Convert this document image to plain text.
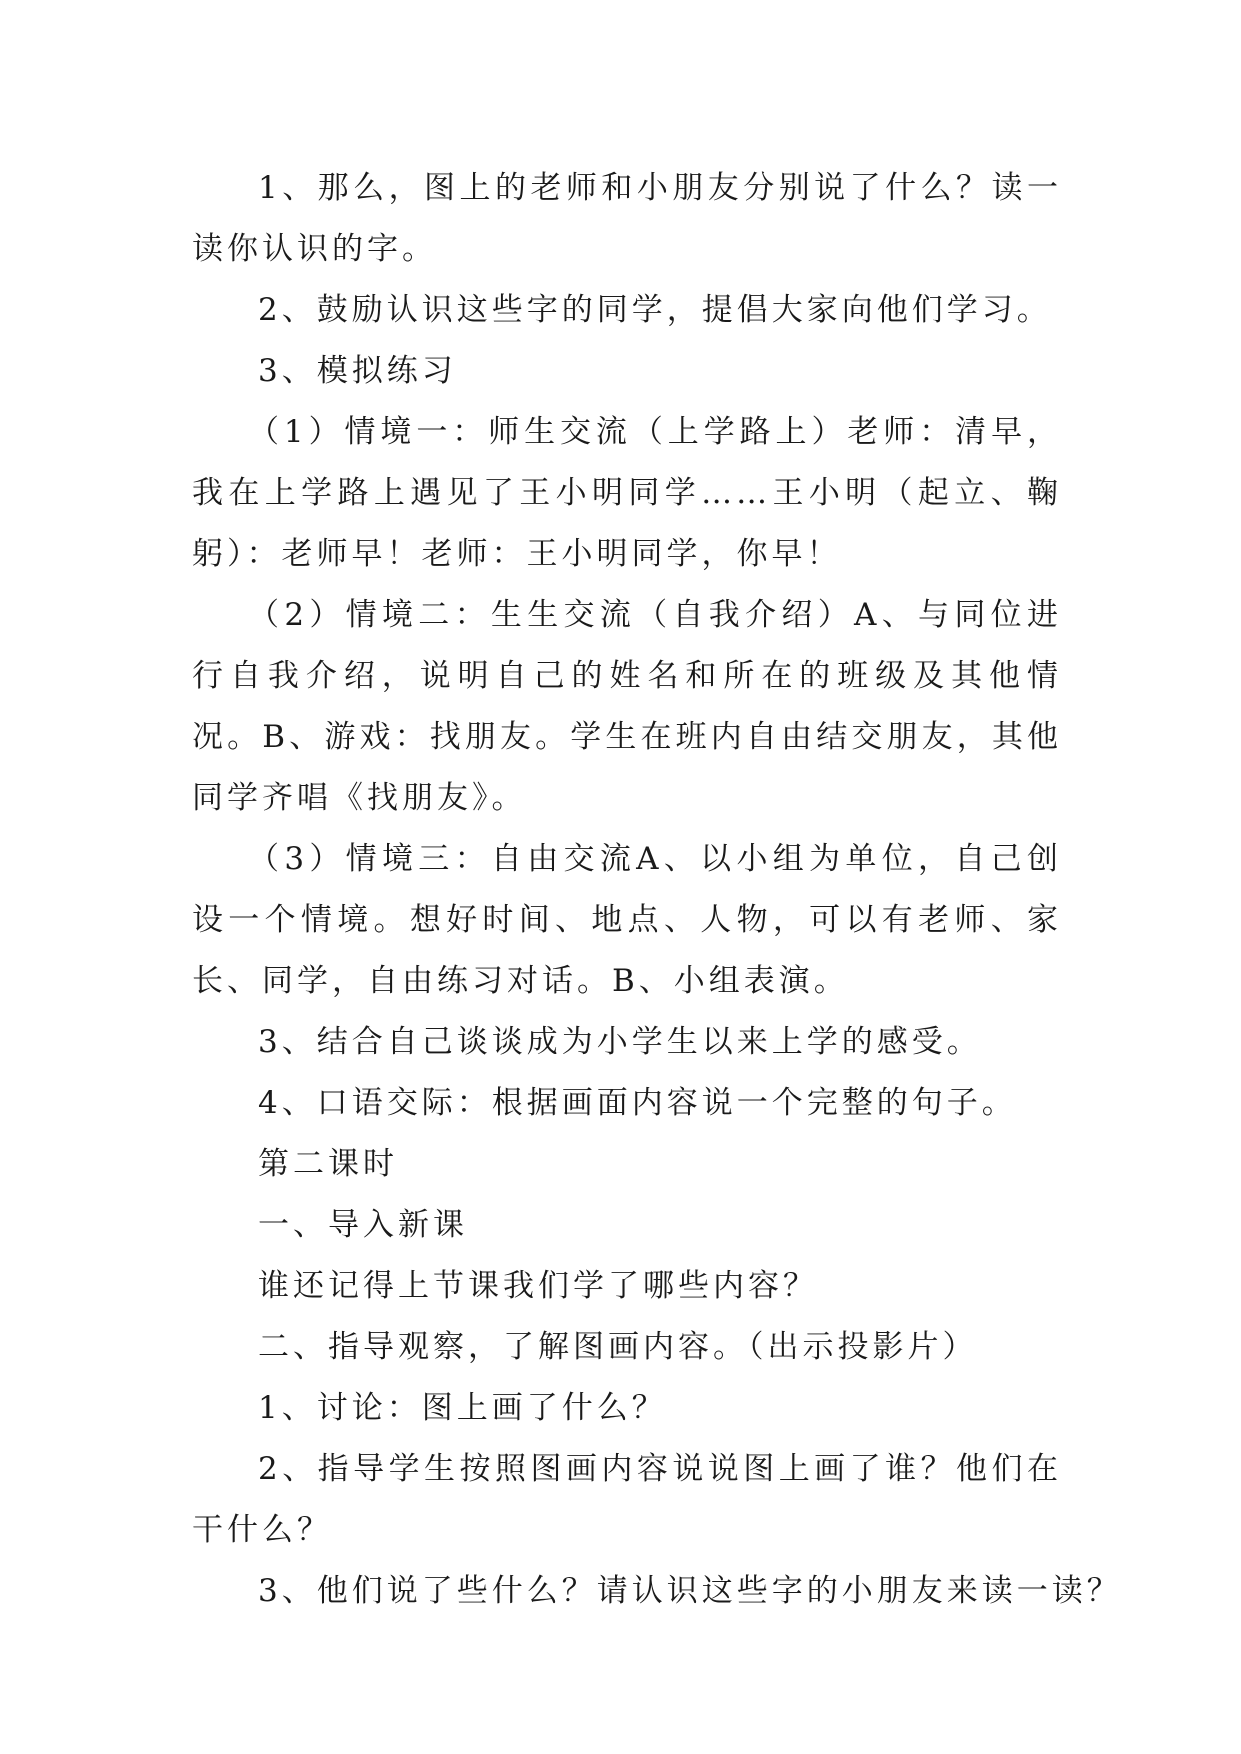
1、那么，图上的老师和小朋友分别说了什么？读一读你认识的字。

2、鼓励认识这些字的同学，提倡大家向他们学习。

3、模拟练习

（1）情境一：师生交流（上学路上）老师：清早，我在上学路上遇见了王小明同学……王小明（起立、鞠躬）：老师早！老师：王小明同学，你早！

（2）情境二：生生交流（自我介绍）A、与同位进行自我介绍，说明自己的姓名和所在的班级及其他情况。B、游戏：找朋友。学生在班内自由结交朋友，其他同学齐唱《找朋友》。

（3）情境三：自由交流A、以小组为单位，自己创设一个情境。想好时间、地点、人物，可以有老师、家长、同学，自由练习对话。B、小组表演。

3、结合自己谈谈成为小学生以来上学的感受。

4、口语交际：根据画面内容说一个完整的句子。

第二课时

一、导入新课

谁还记得上节课我们学了哪些内容？

二、指导观察，了解图画内容。（出示投影片）

1、讨论：图上画了什么？

2、指导学生按照图画内容说说图上画了谁？他们在干什么？

3、他们说了些什么？请认识这些字的小朋友来读一读？
